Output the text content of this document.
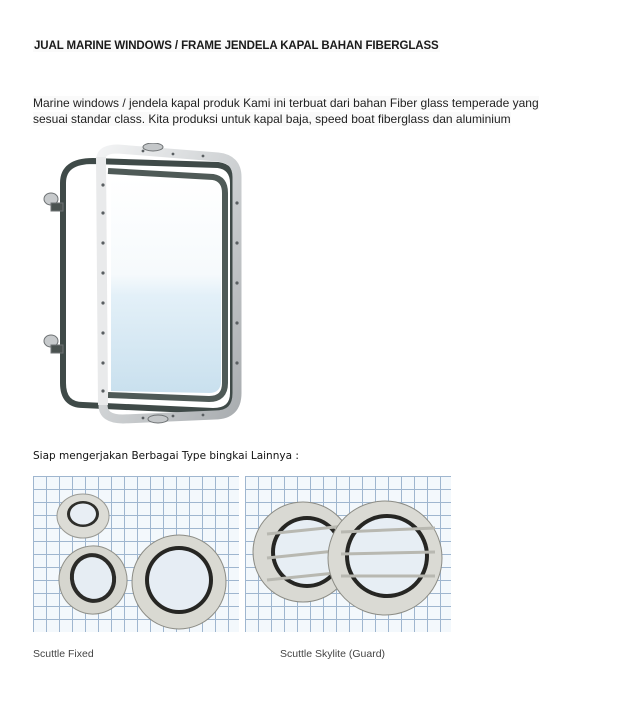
JUAL MARINE WINDOWS / FRAME JENDELA KAPAL BAHAN FIBERGLASS
Marine windows / jendela kapal produk Kami ini terbuat dari bahan Fiber glass temperade yang
sesuai standar class. Kita produksi untuk kapal baja, speed boat fiberglass dan aluminium
Siap mengerjakan Berbagai Type bingkai Lainnya :
Scuttle Fixed	Scuttle Skylite (Guard)
